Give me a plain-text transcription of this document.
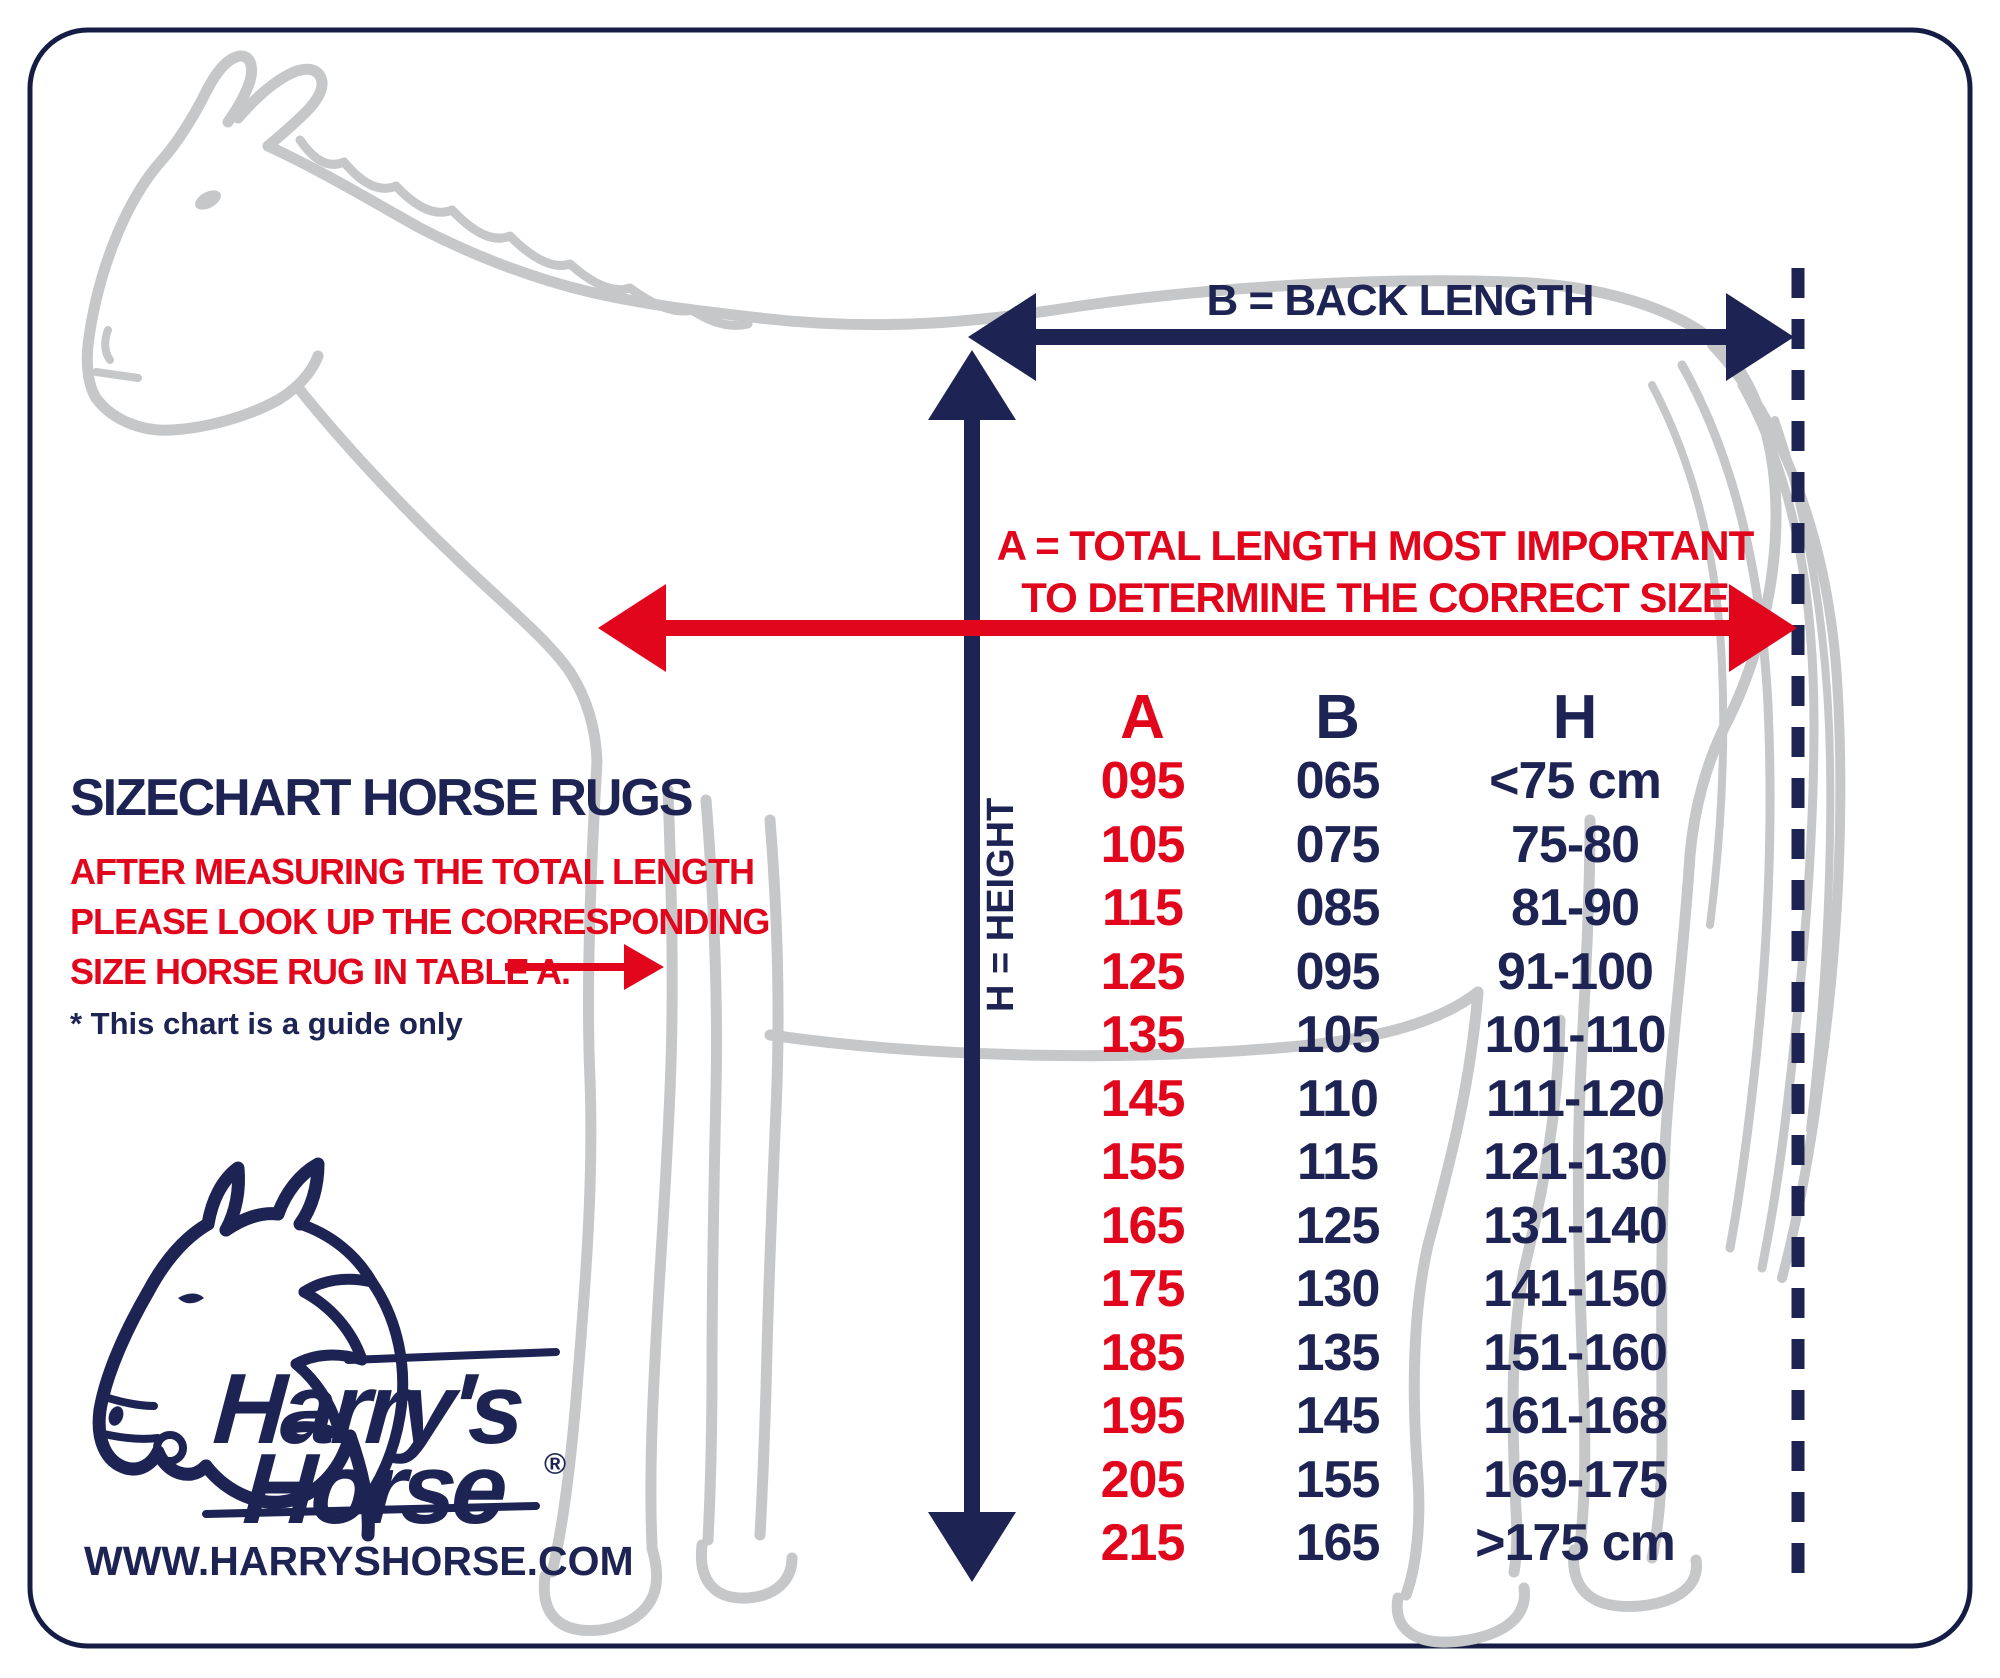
B = BACK LENGTH
A = TOTAL LENGTH MOST IMPORTANT
TO DETERMINE THE CORRECT SIZE
H = HEIGHT
SIZECHART HORSE RUGS
AFTER MEASURING THE TOTAL LENGTH
PLEASE LOOK UP THE CORRESPONDING
SIZE HORSE RUG IN TABLE A.
* This chart is a guide only
A B	H
095 065 <75 cm
105 075	75-80
115 085	81-90
125 095 91-100
135 105 101-110
145 110 111-120
155 115 121-130
165 125 131-140
175 130 141-150
185 135 151-160
195 145 161-168
205 155 169-175
215 165 >175 cm
Harry's
Horse ®
WWW.HARRYSHORSE.COM
